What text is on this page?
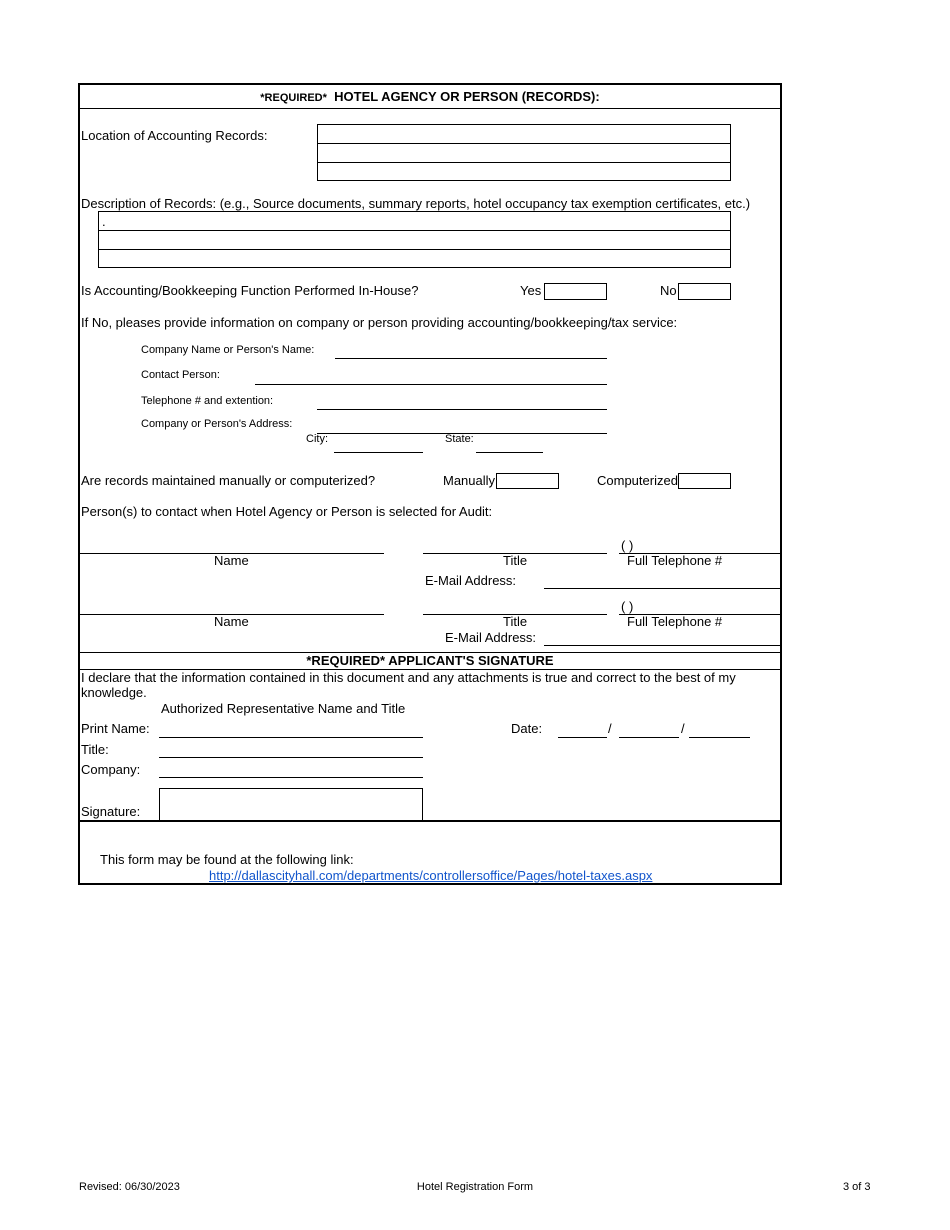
*REQUIRED* HOTEL AGENCY OR PERSON (RECORDS):
Location of Accounting Records:
Description of Records: (e.g., Source documents, summary reports, hotel occupancy tax exemption certificates, etc.)
.
Is Accounting/Bookkeeping Function Performed In-House?	Yes	No
If No, pleases provide information on company or person providing accounting/bookkeeping/tax service:
Company Name or Person's Name:
Contact Person:
Telephone # and extention:
Company or Person's Address:
City:	State:
Are records maintained manually or computerized?	Manually	Computerized
Person(s) to contact when Hotel Agency or Person is selected for Audit:
( )
Name	Title	Full Telephone #
E-Mail Address:
( )
Name	Title	Full Telephone #
E-Mail Address:
*REQUIRED* APPLICANT'S SIGNATURE
I declare that the information contained in this document and any attachments is true and correct to the best of my
knowledge.
Authorized Representative Name and Title
Print Name:	Date:	/	/
Title:
Company:
Signature:
This form may be found at the following link:
http://dallascityhall.com/departments/controllersoffice/Pages/hotel-taxes.aspx
Revised: 06/30/2023	Hotel Registration Form	3 of 3
